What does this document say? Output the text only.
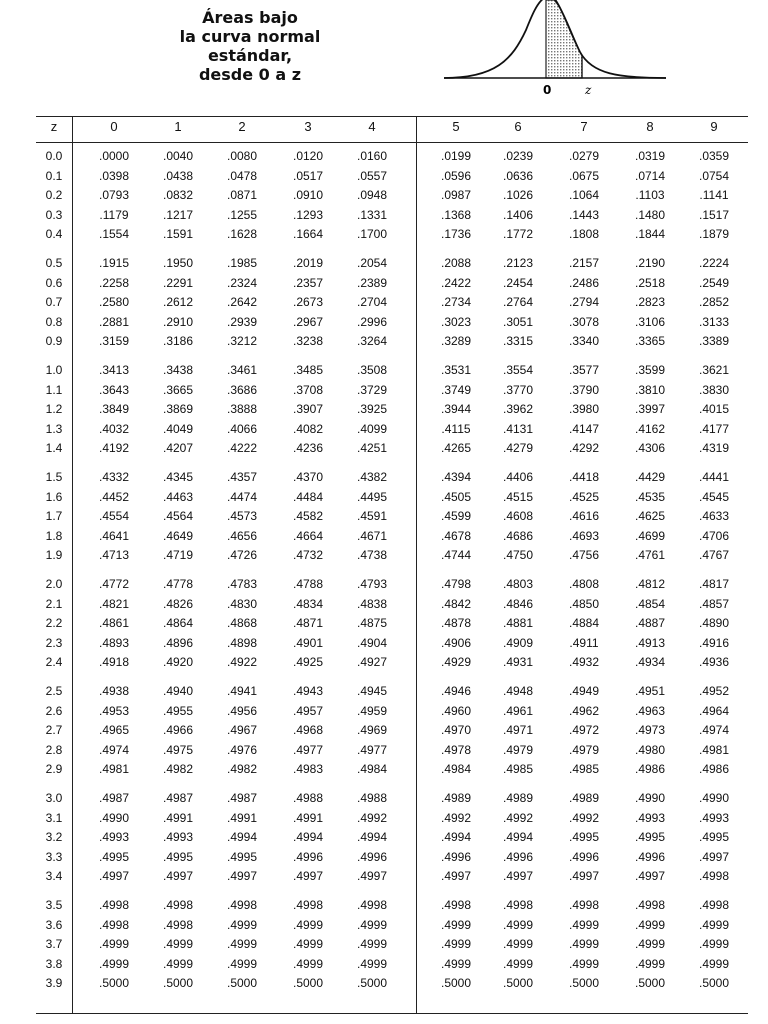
Áreas bajo
la curva normal
estándar,
desde 0 a z
0	z
z	0	1	2	3	4	5	6	7	8	9
0.0	.0000	.0040	.0080	.0120	.0160	.0199	.0239	.0279	.0319	.0359
0.1	.0398	.0438	.0478	.0517	.0557	.0596	.0636	.0675	.0714	.0754
0.2	.0793	.0832	.0871	.0910	.0948	.0987	.1026	.1064	.1103	.1141
0.3	.1179	.1217	.1255	.1293	.1331	.1368	.1406	.1443	.1480	.1517
0.4	.1554	.1591	.1628	.1664	.1700	.1736	.1772	.1808	.1844	.1879
0.5	.1915	.1950	.1985	.2019	.2054	.2088	.2123	.2157	.2190	.2224
0.6	.2258	.2291	.2324	.2357	.2389	.2422	.2454	.2486	.2518	.2549
0.7	.2580	.2612	.2642	.2673	.2704	.2734	.2764	.2794	.2823	.2852
0.8	.2881	.2910	.2939	.2967	.2996	.3023	.3051	.3078	.3106	.3133
0.9	.3159	.3186	.3212	.3238	.3264	.3289	.3315	.3340	.3365	.3389
1.0	.3413	.3438	.3461	.3485	.3508	.3531	.3554	.3577	.3599	.3621
1.1	.3643	.3665	.3686	.3708	.3729	.3749	.3770	.3790	.3810	.3830
1.2	.3849	.3869	.3888	.3907	.3925	.3944	.3962	.3980	.3997	.4015
1.3	.4032	.4049	.4066	.4082	.4099	.4115	.4131	.4147	.4162	.4177
1.4	.4192	.4207	.4222	.4236	.4251	.4265	.4279	.4292	.4306	.4319
1.5	.4332	.4345	.4357	.4370	.4382	.4394	.4406	.4418	.4429	.4441
1.6	.4452	.4463	.4474	.4484	.4495	.4505	.4515	.4525	.4535	.4545
1.7	.4554	.4564	.4573	.4582	.4591	.4599	.4608	.4616	.4625	.4633
1.8	.4641	.4649	.4656	.4664	.4671	.4678	.4686	.4693	.4699	.4706
1.9	.4713	.4719	.4726	.4732	.4738	.4744	.4750	.4756	.4761	.4767
2.0	.4772	.4778	.4783	.4788	.4793	.4798	.4803	.4808	.4812	.4817
2.1	.4821	.4826	.4830	.4834	.4838	.4842	.4846	.4850	.4854	.4857
2.2	.4861	.4864	.4868	.4871	.4875	.4878	.4881	.4884	.4887	.4890
2.3	.4893	.4896	.4898	.4901	.4904	.4906	.4909	.4911	.4913	.4916
2.4	.4918	.4920	.4922	.4925	.4927	.4929	.4931	.4932	.4934	.4936
2.5	.4938	.4940	.4941	.4943	.4945	.4946	.4948	.4949	.4951	.4952
2.6	.4953	.4955	.4956	.4957	.4959	.4960	.4961	.4962	.4963	.4964
2.7	.4965	.4966	.4967	.4968	.4969	.4970	.4971	.4972	.4973	.4974
2.8	.4974	.4975	.4976	.4977	.4977	.4978	.4979	.4979	.4980	.4981
2.9	.4981	.4982	.4982	.4983	.4984	.4984	.4985	.4985	.4986	.4986
3.0	.4987	.4987	.4987	.4988	.4988	.4989	.4989	.4989	.4990	.4990
3.1	.4990	.4991	.4991	.4991	.4992	.4992	.4992	.4992	.4993	.4993
3.2	.4993	.4993	.4994	.4994	.4994	.4994	.4994	.4995	.4995	.4995
3.3	.4995	.4995	.4995	.4996	.4996	.4996	.4996	.4996	.4996	.4997
3.4	.4997	.4997	.4997	.4997	.4997	.4997	.4997	.4997	.4997	.4998
3.5	.4998	.4998	.4998	.4998	.4998	.4998	.4998	.4998	.4998	.4998
3.6	.4998	.4998	.4999	.4999	.4999	.4999	.4999	.4999	.4999	.4999
3.7	.4999	.4999	.4999	.4999	.4999	.4999	.4999	.4999	.4999	.4999
3.8	.4999	.4999	.4999	.4999	.4999	.4999	.4999	.4999	.4999	.4999
3.9	.5000	.5000	.5000	.5000	.5000	.5000	.5000	.5000	.5000	.5000
